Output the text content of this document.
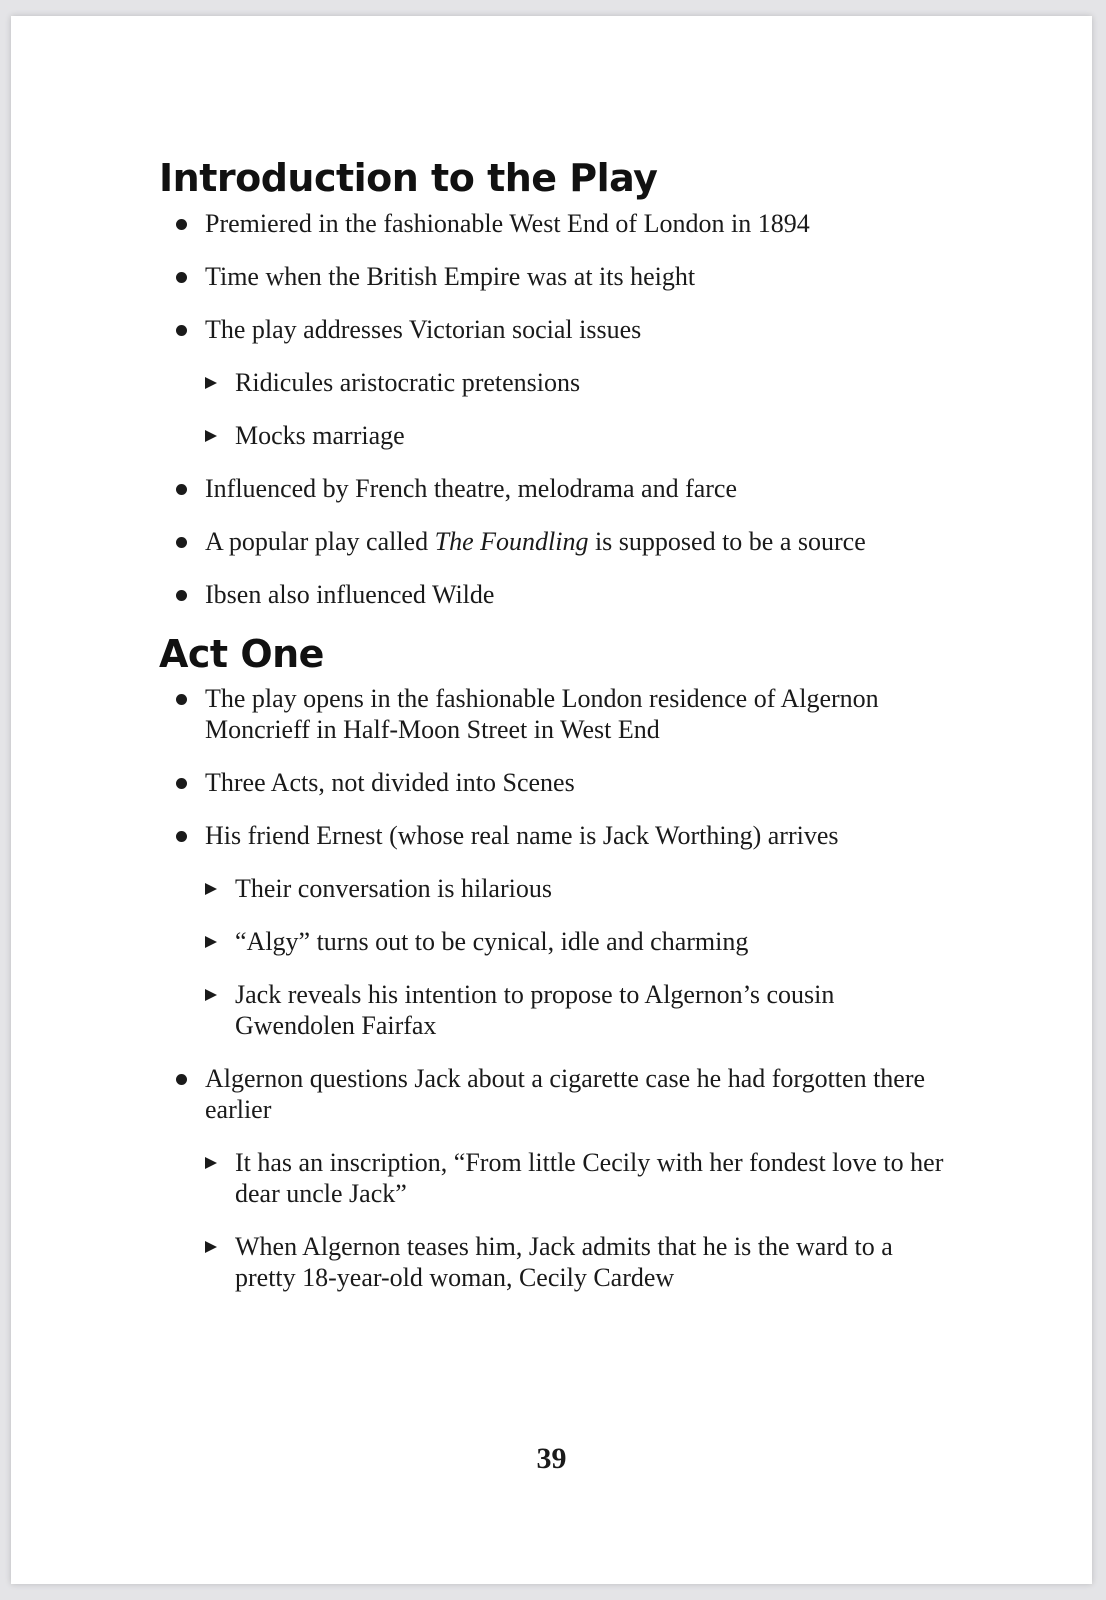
Introduction to the Play
Premiered in the fashionable West End of London in 1894
Time when the British Empire was at its height
The play addresses Victorian social issues
Ridicules aristocratic pretensions
Mocks marriage
Influenced by French theatre, melodrama and farce
A popular play called The Foundling is supposed to be a source
Ibsen also influenced Wilde
Act One
The play opens in the fashionable London residence of Algernon Moncrieff in Half-Moon Street in West End
Three Acts, not divided into Scenes
His friend Ernest (whose real name is Jack Worthing) arrives
Their conversation is hilarious
“Algy” turns out to be cynical, idle and charming
Jack reveals his intention to propose to Algernon’s cousin Gwendolen Fairfax
Algernon questions Jack about a cigarette case he had forgotten there earlier
It has an inscription, “From little Cecily with her fondest love to her dear uncle Jack”
When Algernon teases him, Jack admits that he is the ward to a pretty 18-year-old woman, Cecily Cardew
39
